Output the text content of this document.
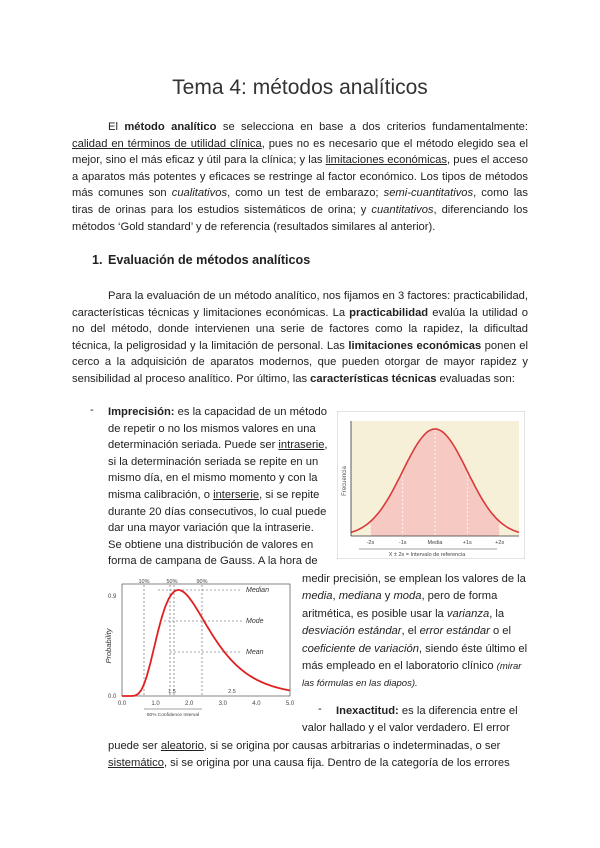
Tema 4: métodos analíticos

El método analítico se selecciona en base a dos criterios fundamentalmente: calidad en términos de utilidad clínica, pues no es necesario que el método elegido sea el mejor, sino el más eficaz y útil para la clínica; y las limitaciones económicas, pues el acceso a aparatos más potentes y eficaces se restringe al factor económico. Los tipos de métodos más comunes son cualitativos, como un test de embarazo; semi-cuantitativos, como las tiras de orinas para los estudios sistemáticos de orina; y cuantitativos, diferenciando los métodos ‘Gold standard’ y de referencia (resultados similares al anterior).

1. Evaluación de métodos analíticos

Para la evaluación de un método analítico, nos fijamos en 3 factores: practicabilidad, características técnicas y limitaciones económicas. La practicabilidad evalúa la utilidad o no del método, donde intervienen una serie de factores como la rapidez, la dificultad técnica, la peligrosidad y la limitación de personal. Las limitaciones económicas ponen el cerco a la adquisición de aparatos modernos, que pueden otorgar de mayor rapidez y sensibilidad al proceso analítico. Por último, las características técnicas evaluadas son:

- Imprecisión: es la capacidad de un método
de repetir o no los mismos valores en una
determinación seriada. Puede ser intraserie,
si la determinación seriada se repite en un
mismo día, en el mismo momento y con la
misma calibración, o interserie, si se repite
durante 20 días consecutivos, lo cual puede
dar una mayor variación que la intraserie.
Se obtiene una distribución de valores en
forma de campana de Gauss. A la hora de
Frecuencia
-2s	-1s	Media	+1s	+2s
X ± 2s = Intervalo de referencia
10%	50%	90%
0.9
0.0
Probability
Median
Mode
Mean
1.5	2.5
0.0	1.0	2.0	3.0	4.0	5.0
50% Confidence Interval
medir precisión, se emplean los valores de la
media, mediana y moda, pero de forma
aritmética, es posible usar la varianza, la
desviación estándar, el error estándar o el
coeficiente de variación, siendo éste último el
más empleado en el laboratorio clínico (mirar las fórmulas en las diapos).
- Inexactitud: es la diferencia entre el
valor hallado y el valor verdadero. El error
puede ser aleatorio, si se origina por causas arbitrarias o indeterminadas, o ser
sistemático, si se origina por una causa fija. Dentro de la categoría de los errores
